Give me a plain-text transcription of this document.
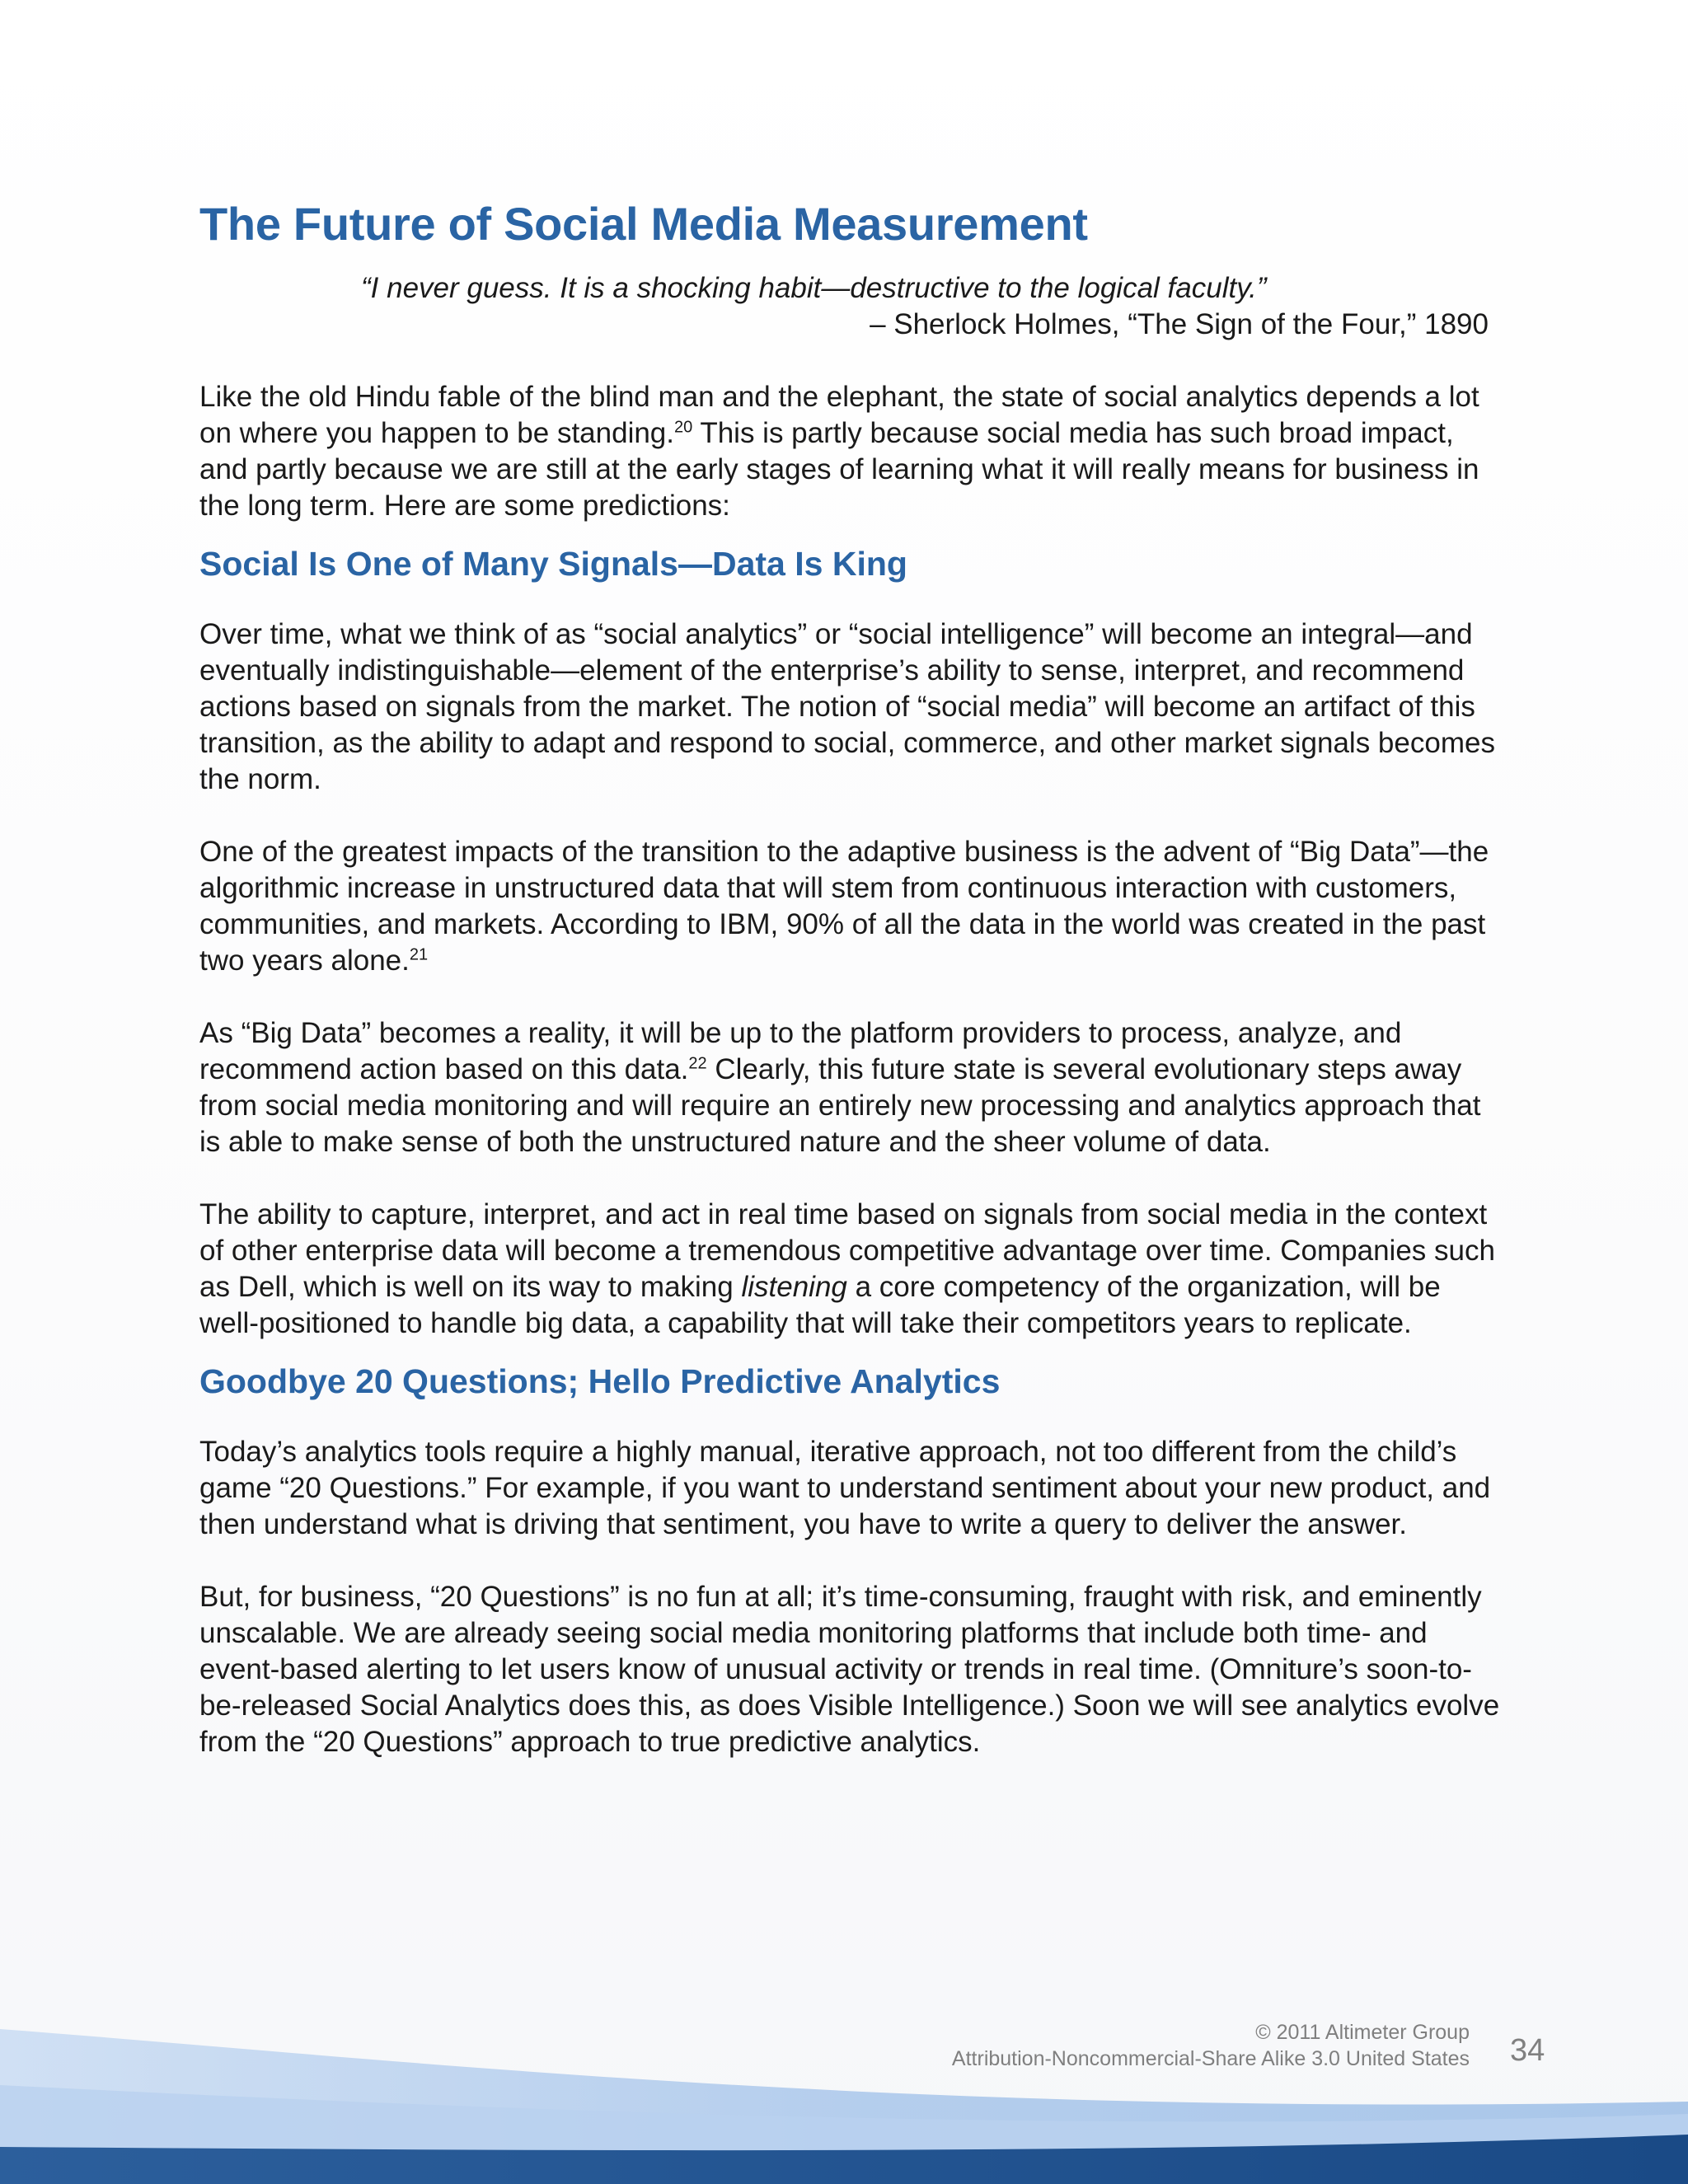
The Future of Social Media Measurement
“I never guess. It is a shocking habit—destructive to the logical faculty.”
– Sherlock Holmes, “The Sign of the Four,” 1890

Like the old Hindu fable of the blind man and the elephant, the state of social analytics depends a lot on where you happen to be standing.$^{20}$ This is partly because social media has such broad impact, and partly because we are still at the early stages of learning what it will really means for business in the long term. Here are some predictions:

Social Is One of Many Signals—Data Is King

Over time, what we think of as “social analytics” or “social intelligence” will become an integral—and eventually indistinguishable—element of the enterprise’s ability to sense, interpret, and recommend actions based on signals from the market. The notion of “social media” will become an artifact of this transition, as the ability to adapt and respond to social, commerce, and other market signals becomes the norm.

One of the greatest impacts of the transition to the adaptive business is the advent of “Big Data”—the algorithmic increase in unstructured data that will stem from continuous interaction with customers, communities, and markets. According to IBM, 90% of all the data in the world was created in the past two years alone.$^{21}$

As “Big Data” becomes a reality, it will be up to the platform providers to process, analyze, and recommend action based on this data.$^{22}$ Clearly, this future state is several evolutionary steps away from social media monitoring and will require an entirely new processing and analytics approach that is able to make sense of both the unstructured nature and the sheer volume of data.

The ability to capture, interpret, and act in real time based on signals from social media in the context of other enterprise data will become a tremendous competitive advantage over time. Companies such as Dell, which is well on its way to making listening a core competency of the organization, will be well-positioned to handle big data, a capability that will take their competitors years to replicate.

Goodbye 20 Questions; Hello Predictive Analytics

Today’s analytics tools require a highly manual, iterative approach, not too different from the child’s game “20 Questions.” For example, if you want to understand sentiment about your new product, and then understand what is driving that sentiment, you have to write a query to deliver the answer.

But, for business, “20 Questions” is no fun at all; it’s time-consuming, fraught with risk, and eminently unscalable. We are already seeing social media monitoring platforms that include both time- and event-based alerting to let users know of unusual activity or trends in real time. (Omniture’s soon-to-be-released Social Analytics does this, as does Visible Intelligence.) Soon we will see analytics evolve from the “20 Questions” approach to true predictive analytics.

© 2011 Altimeter Group
Attribution-Noncommercial-Share Alike 3.0 United States 34
